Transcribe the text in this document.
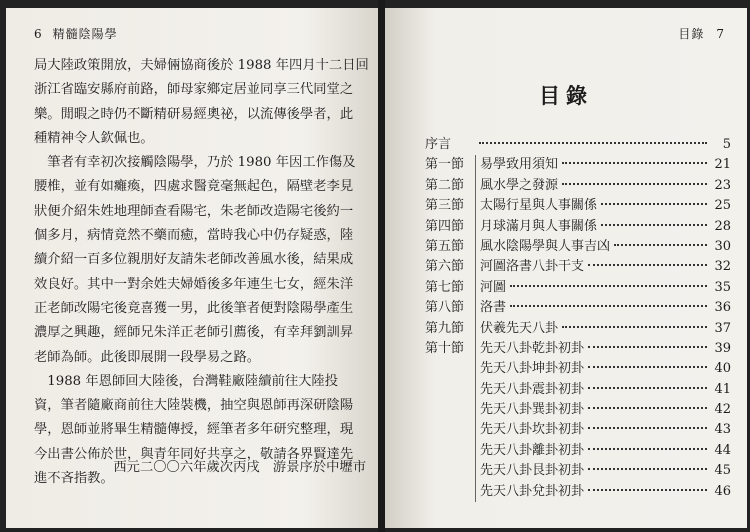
6 精髓陰陽學
局大陸政策開放，夫婦倆協商後於 1988 年四月十二日回
浙江省臨安縣府前路，師母家鄉定居並同享三代同堂之
樂。閒暇之時仍不斷精研易經奧祕，以流傳後學者，此
種精神令人欽佩也。
　筆者有幸初次接觸陰陽學，乃於 1980 年因工作傷及
腰椎，並有如癱瘓，四處求醫竟毫無起色，隔壁老李見
狀便介紹朱姓地理師查看陽宅，朱老師改造陽宅後約一
個多月，病情竟然不藥而癒，當時我心中仍存疑惑，陸
續介紹一百多位親朋好友請朱老師改善風水後，結果成
效良好。其中一對余姓夫婦婚後多年連生七女，經朱洋
正老師改陽宅後竟喜獲一男，此後筆者便對陰陽學產生
濃厚之興趣，經師兄朱洋正老師引薦後，有幸拜劉訓昇
老師為師。此後即展開一段學易之路。
　1988 年恩師回大陸後，台灣鞋廠陸續前往大陸投
資，筆者隨廠商前往大陸裝機，抽空與恩師再深研陰陽
學，恩師並將畢生精髓傳授，經筆者多年研究整理，現
今出書公佈於世，與青年同好共享之，敬請各界賢達先
進不吝指教。
西元二〇〇六年歲次丙戌　游景序於中壢市
目錄 7
目錄
序言	5
第一節	易學致用須知	21
第二節	風水學之發源	23
第三節	太陽行星與人事關係	25
第四節	月球滿月與人事關係	28
第五節	風水陰陽學與人事吉凶	30
第六節	河圖洛書八卦干支	32
第七節	河圖	35
第八節	洛書	36
第九節	伏羲先天八卦	37
第十節	先天八卦乾卦初卦	39
先天八卦坤卦初卦	40
先天八卦震卦初卦	41
先天八卦巽卦初卦	42
先天八卦坎卦初卦	43
先天八卦離卦初卦	44
先天八卦艮卦初卦	45
先天八卦兌卦初卦	46
